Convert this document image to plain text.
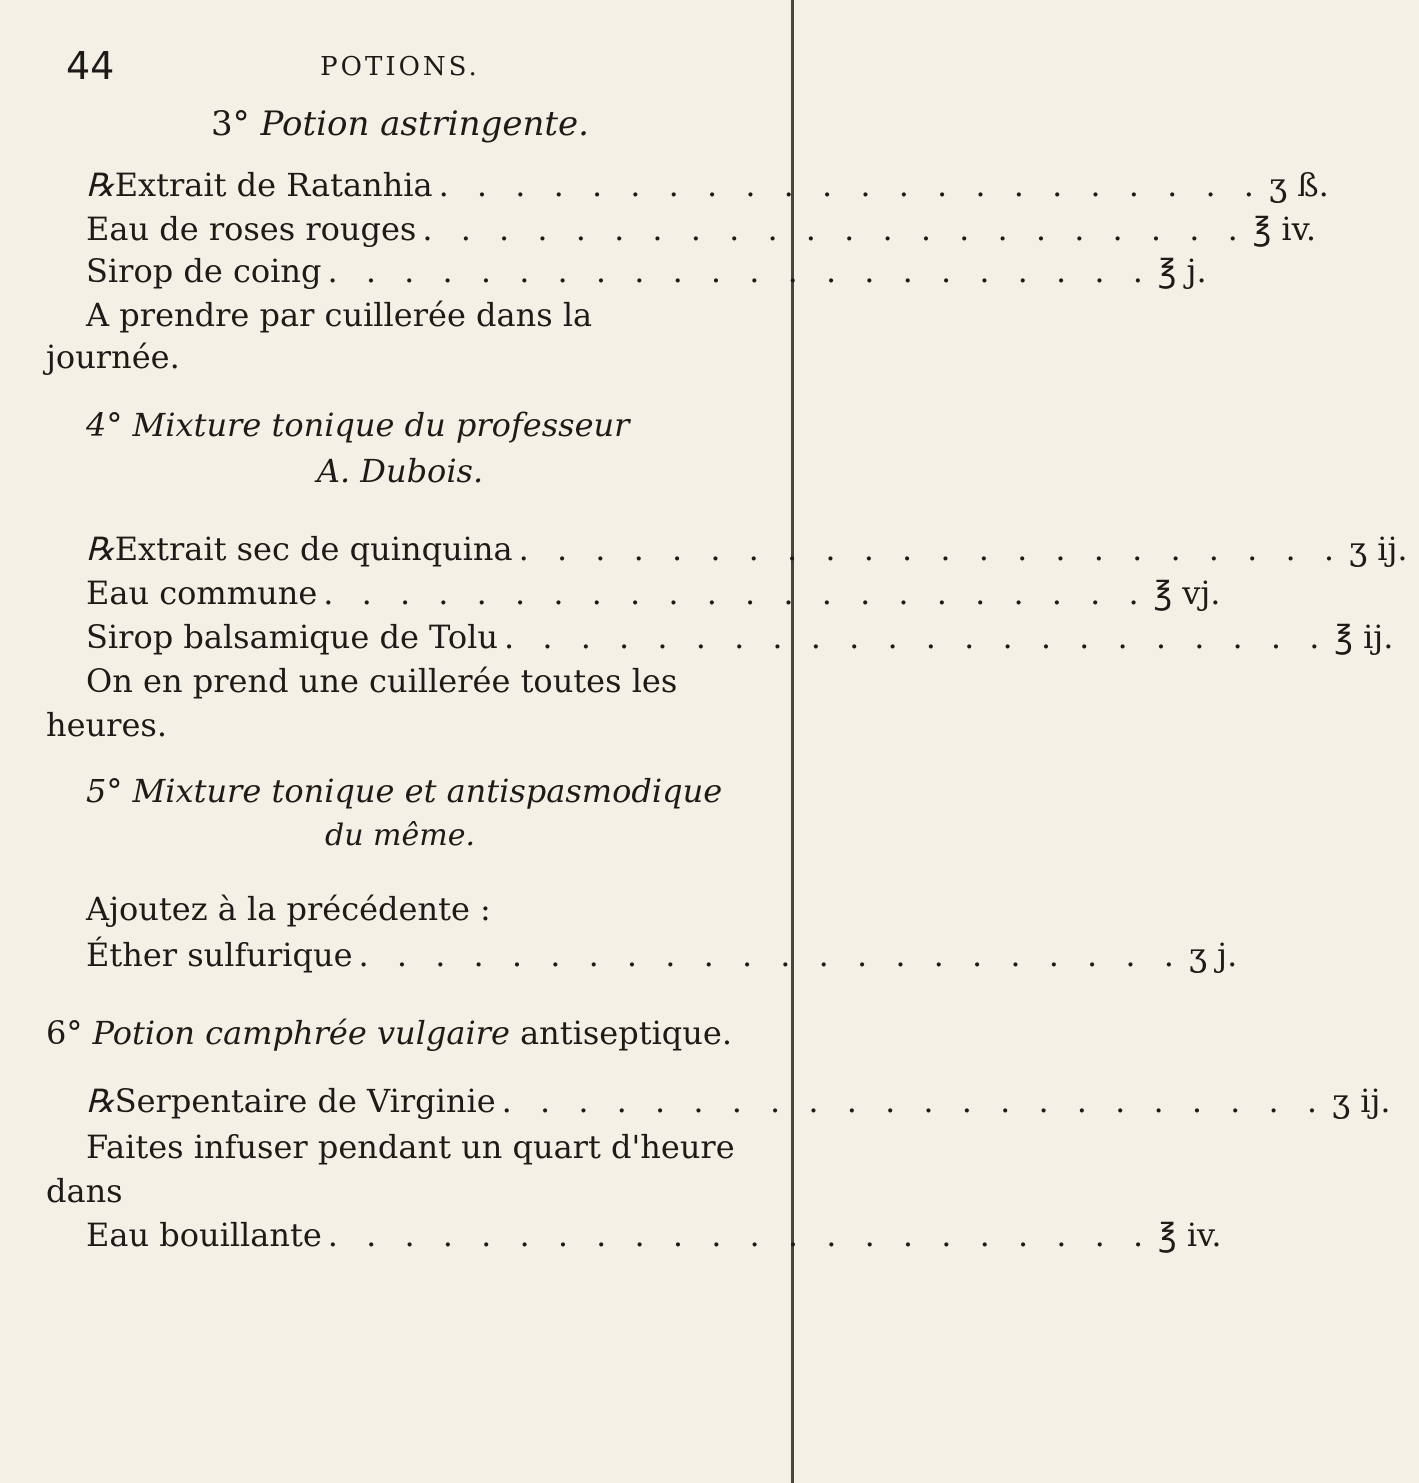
44	POTIONS.
3° Potion astringente.
℞ Extrait de Ratanhia . . . . . . . . . . . . . . . . . . . . . . ʒ ß.
Eau de roses rouges . . . . . . . . . . . . . . . . . . . . . . ℥ iv.
Sirop de coing . . . . . . . . . . . . . . . . . . . . . . ℥ j.
A prendre par cuillerée dans la
journée.
4° Mixture tonique du professeur
A. Dubois.
℞ Extrait sec de quinquina . . . . . . . . . . . . . . . . . . . . . . ʒ ij.
Eau commune . . . . . . . . . . . . . . . . . . . . . . ℥ vj.
Sirop balsamique de Tolu . . . . . . . . . . . . . . . . . . . . . . ℥ ij.
On en prend une cuillerée toutes les
heures.
5° Mixture tonique et antispasmodique
du même.
Ajoutez à la précédente :
Éther sulfurique . . . . . . . . . . . . . . . . . . . . . . ʒ j.
6° Potion camphrée vulgaire antiseptique.
℞ Serpentaire de Virginie . . . . . . . . . . . . . . . . . . . . . . ʒ ij.
Faites infuser pendant un quart d'heure
dans
Eau bouillante . . . . . . . . . . . . . . . . . . . . . . ℥ iv.
